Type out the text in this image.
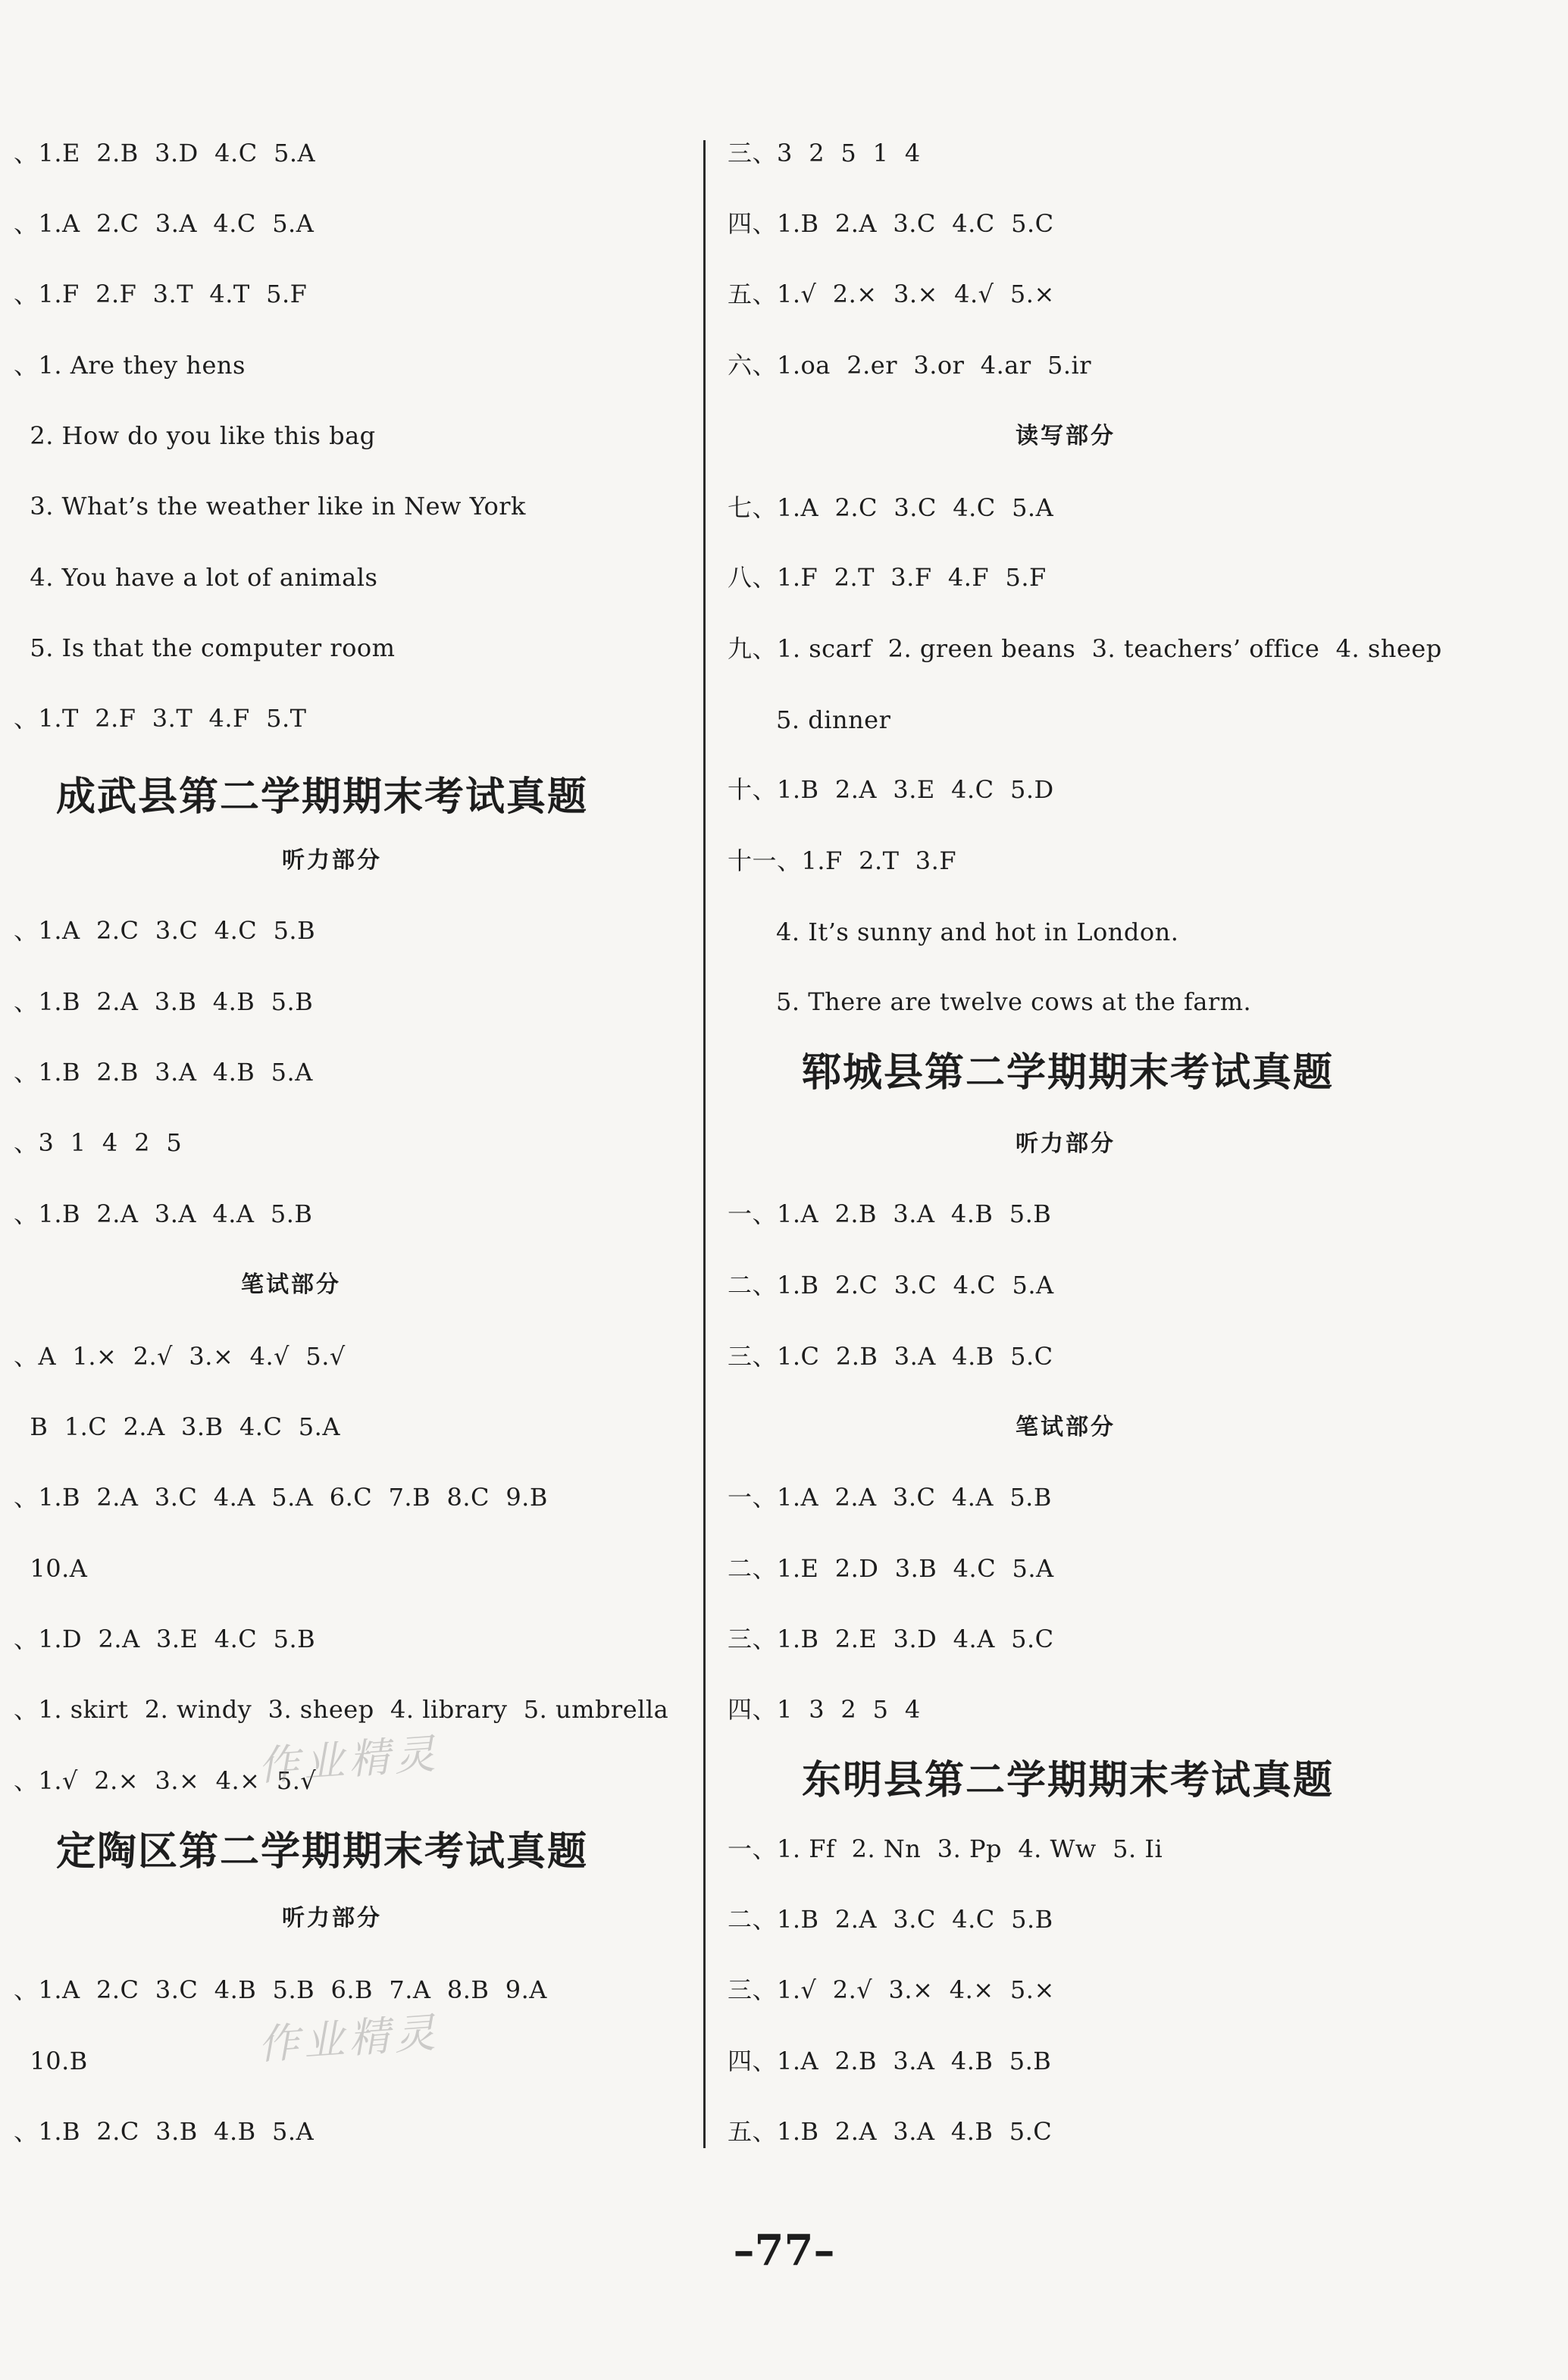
、1.E  2.B  3.D  4.C  5.A
、1.A  2.C  3.A  4.C  5.A
、1.F  2.F  3.T  4.T  5.F
、1. Are they hens
2. How do you like this bag
3. What’s the weather like in New York
4. You have a lot of animals
5. Is that the computer room
、1.T  2.F  3.T  4.F  5.T
成武县第二学期期末考试真题
听力部分
、1.A  2.C  3.C  4.C  5.B
、1.B  2.A  3.B  4.B  5.B
、1.B  2.B  3.A  4.B  5.A
、3  1  4  2  5
、1.B  2.A  3.A  4.A  5.B
笔试部分
、A  1.×  2.√  3.×  4.√  5.√
B  1.C  2.A  3.B  4.C  5.A
、1.B  2.A  3.C  4.A  5.A  6.C  7.B  8.C  9.B
10.A
、1.D  2.A  3.E  4.C  5.B
、1. skirt  2. windy  3. sheep  4. library  5. umbrella
、1.√  2.×  3.×  4.×  5.√
定陶区第二学期期末考试真题
听力部分
、1.A  2.C  3.C  4.B  5.B  6.B  7.A  8.B  9.A
10.B
、1.B  2.C  3.B  4.B  5.A
作业精灵
作业精灵
三、3  2  5  1  4
四、1.B  2.A  3.C  4.C  5.C
五、1.√  2.×  3.×  4.√  5.×
六、1.oa  2.er  3.or  4.ar  5.ir
读写部分
七、1.A  2.C  3.C  4.C  5.A
八、1.F  2.T  3.F  4.F  5.F
九、1. scarf  2. green beans  3. teachers’ office  4. sheep
5. dinner
十、1.B  2.A  3.E  4.C  5.D
十一、1.F  2.T  3.F
4. It’s sunny and hot in London.
5. There are twelve cows at the farm.
郓城县第二学期期末考试真题
听力部分
一、1.A  2.B  3.A  4.B  5.B
二、1.B  2.C  3.C  4.C  5.A
三、1.C  2.B  3.A  4.B  5.C
笔试部分
一、1.A  2.A  3.C  4.A  5.B
二、1.E  2.D  3.B  4.C  5.A
三、1.B  2.E  3.D  4.A  5.C
四、1  3  2  5  4
东明县第二学期期末考试真题
一、1. Ff  2. Nn  3. Pp  4. Ww  5. Ii
二、1.B  2.A  3.C  4.C  5.B
三、1.√  2.√  3.×  4.×  5.×
四、1.A  2.B  3.A  4.B  5.B
五、1.B  2.A  3.A  4.B  5.C
–77–
